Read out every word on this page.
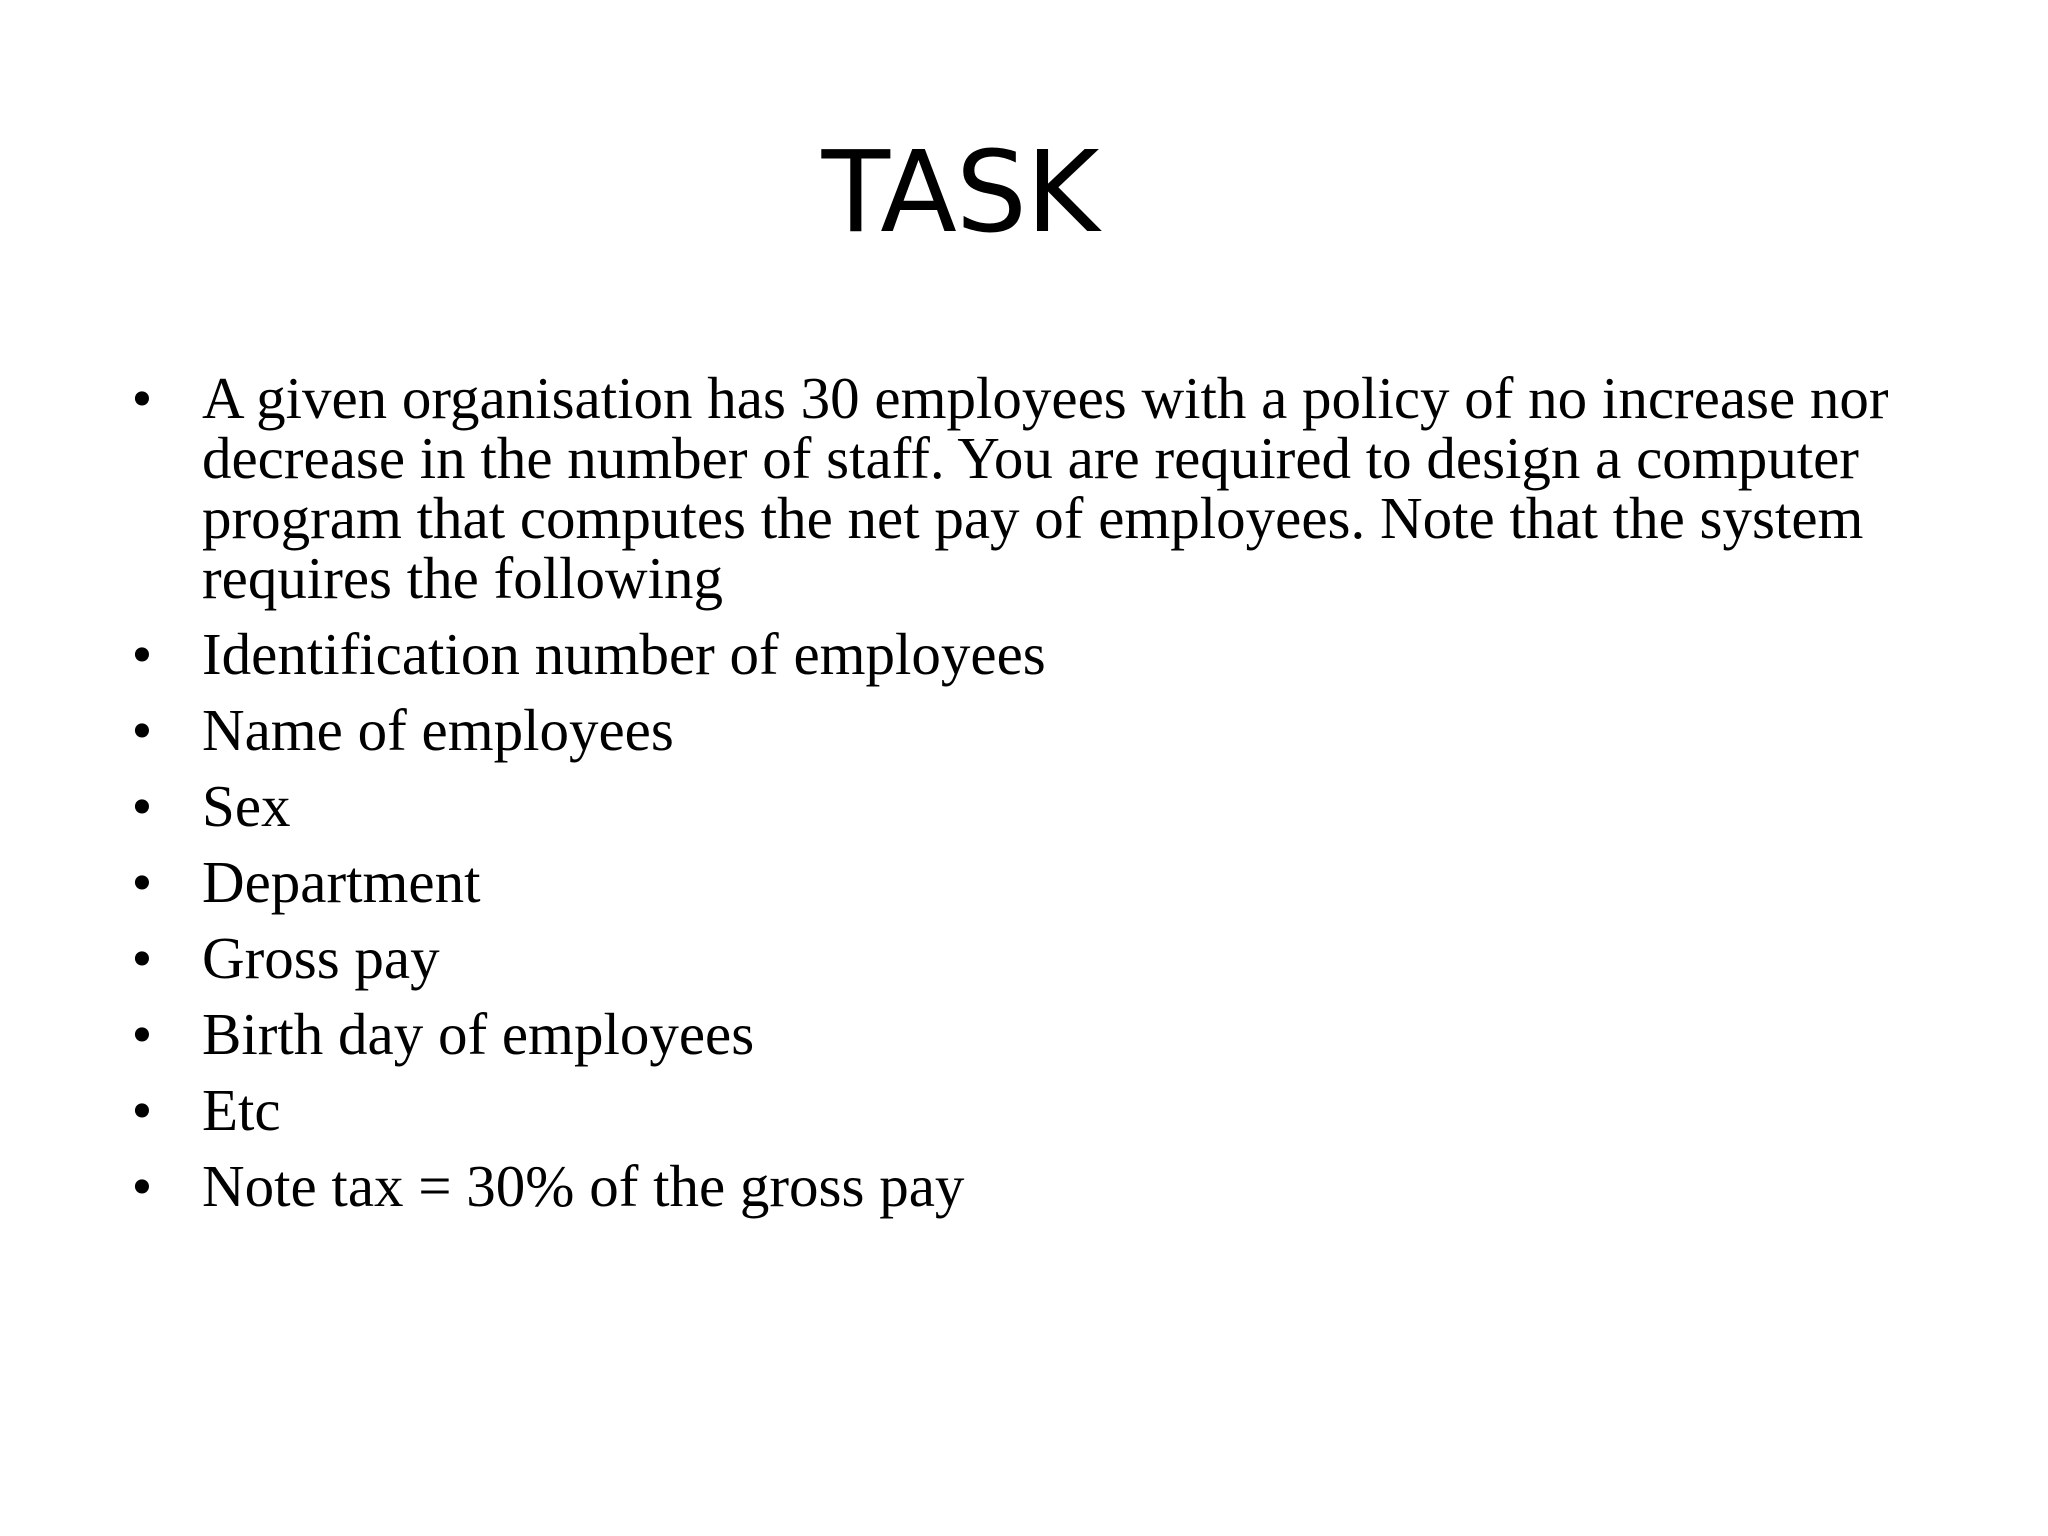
TASK
• A given organisation has 30 employees with a policy of no increase nor decrease in the number of staff. You are required to design a computer program that computes the net pay of employees. Note that the system requires the following
• Identification number of employees
• Name of employees
• Sex
• Department
• Gross pay
• Birth day of employees
• Etc
• Note tax = 30% of the gross pay
